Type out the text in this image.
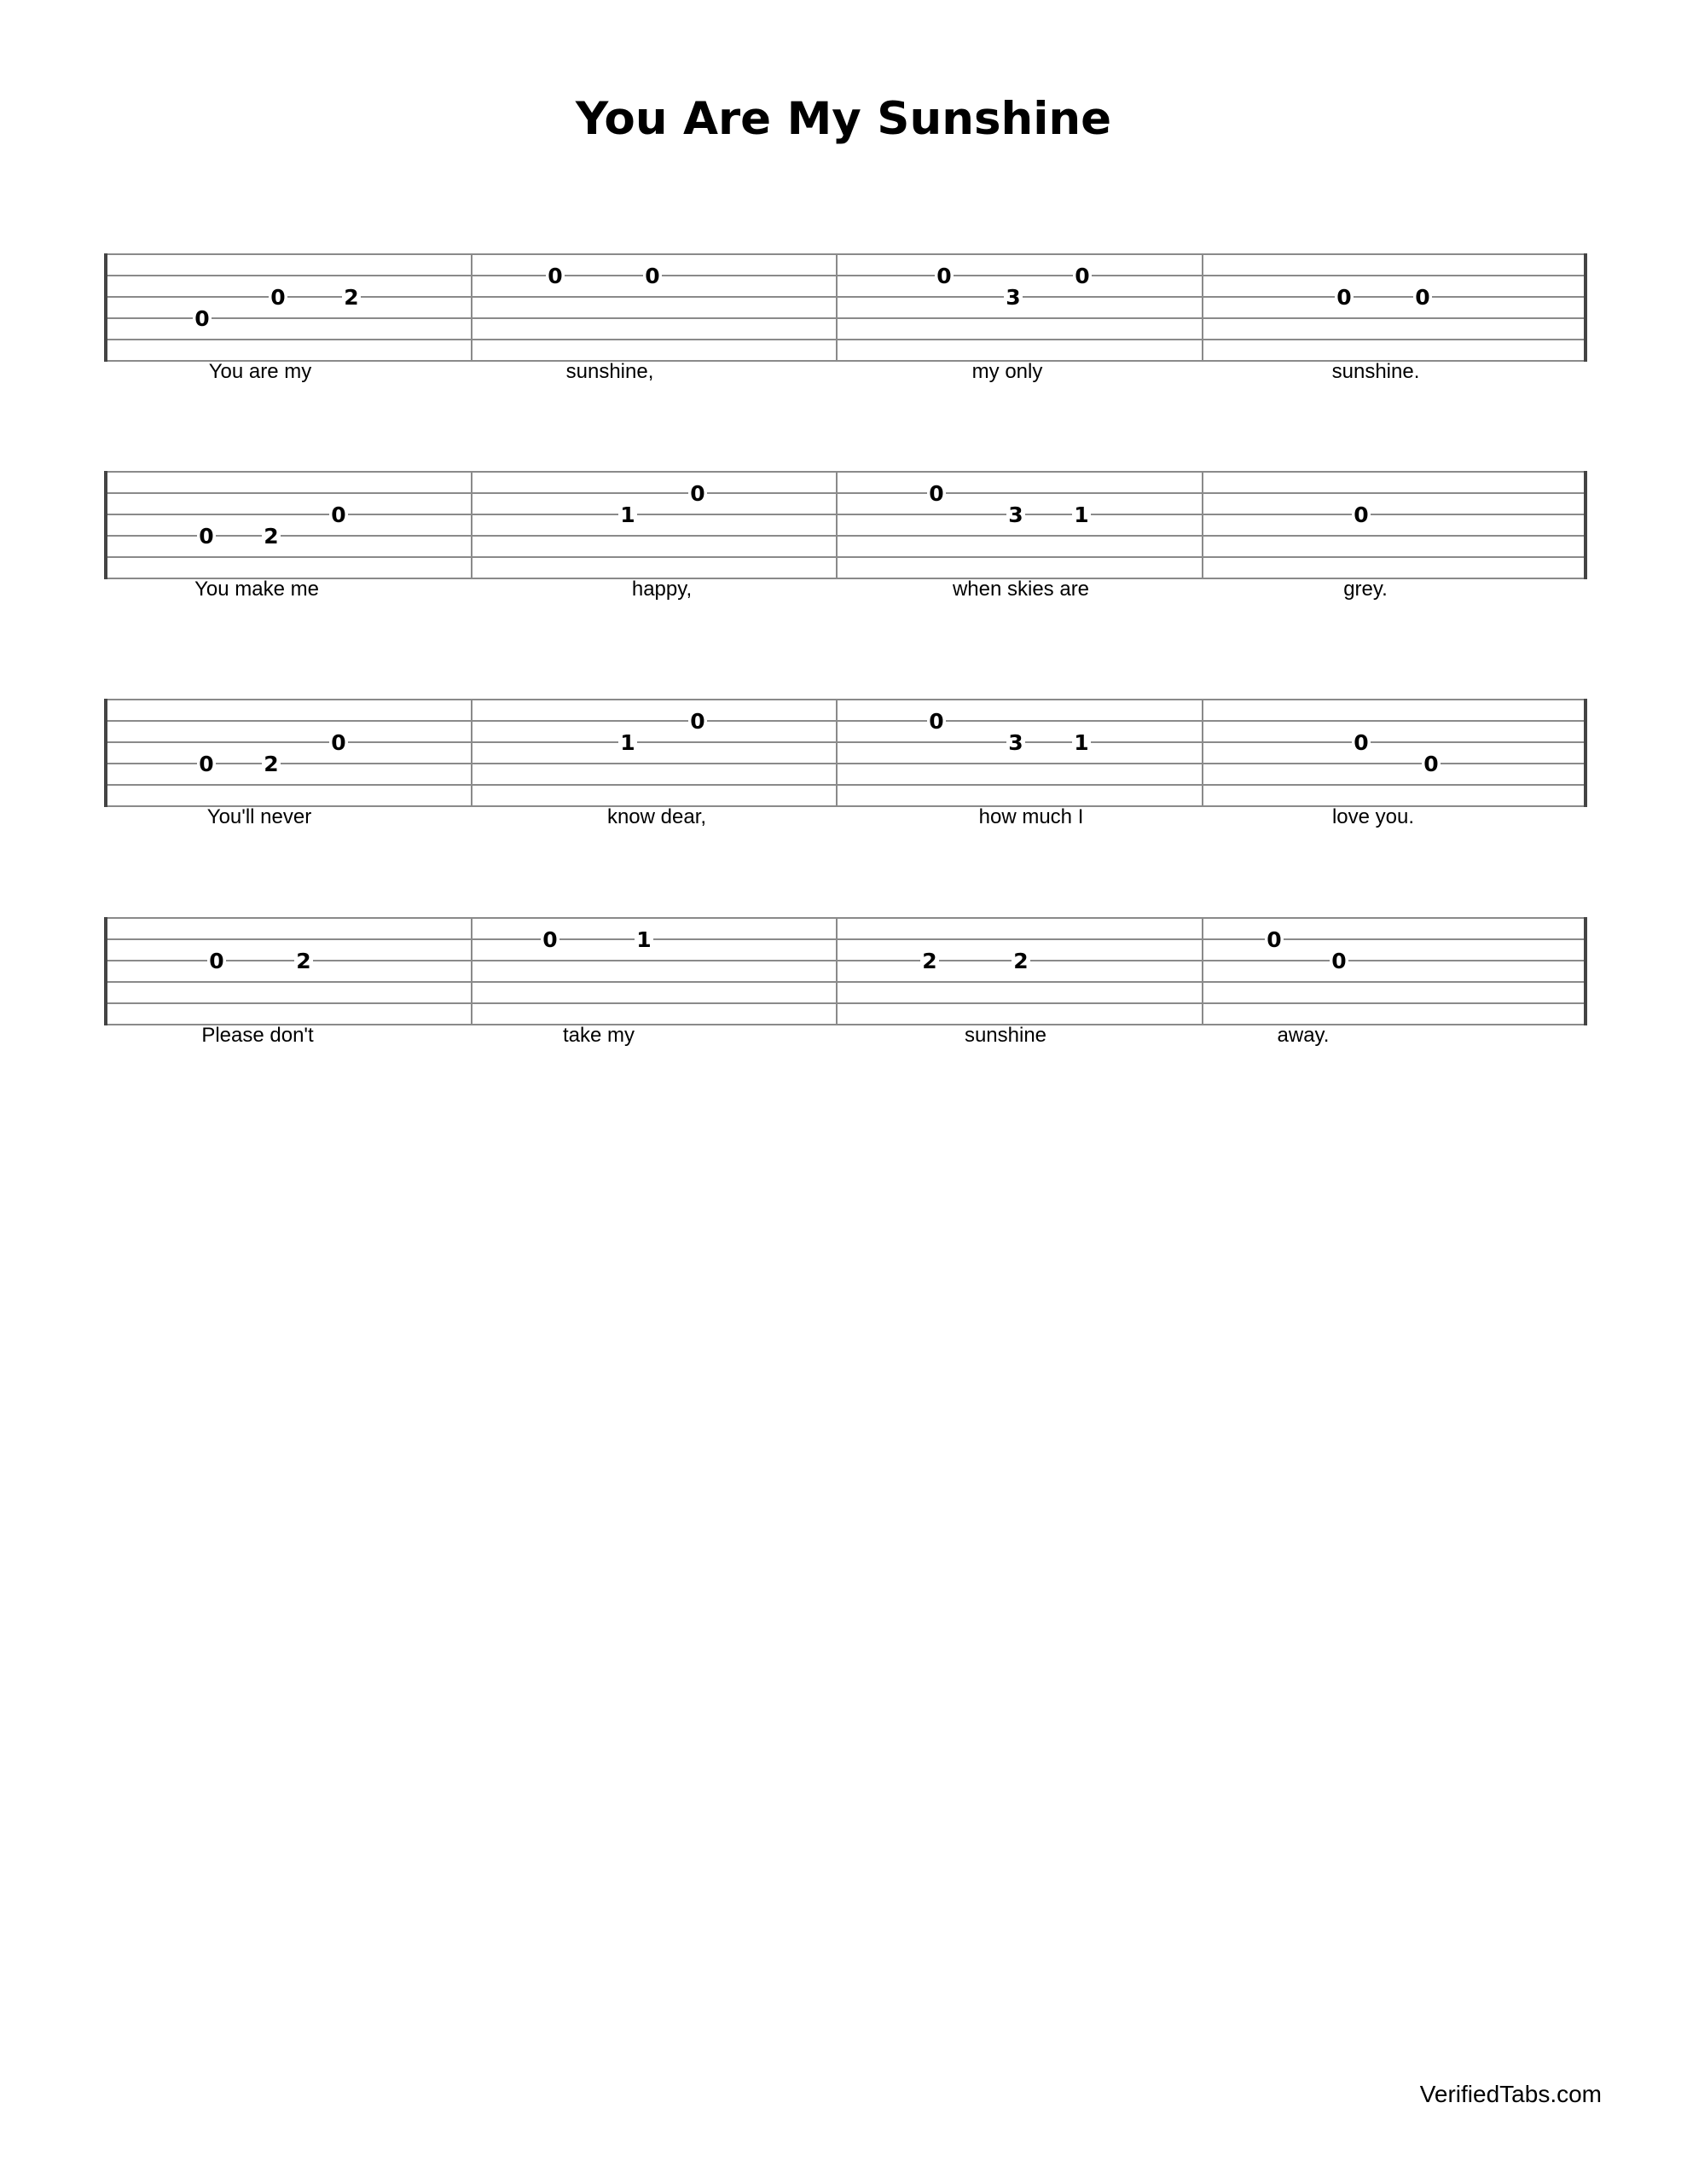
You Are My Sunshine
0
0	2
You are my
0	0
sunshine,
0
3
0
my only
0	0
sunshine.
0 2
0
You make me
1
0
happy,
0
3 1
when skies are
0
grey.
0 2
0
You'll never
1
0
know dear,
0
3 1
how much I
0
0
love you.
0	2
Please don't
0	1
take my
2	2
sunshine
0
0
away.
VerifiedTabs.com
